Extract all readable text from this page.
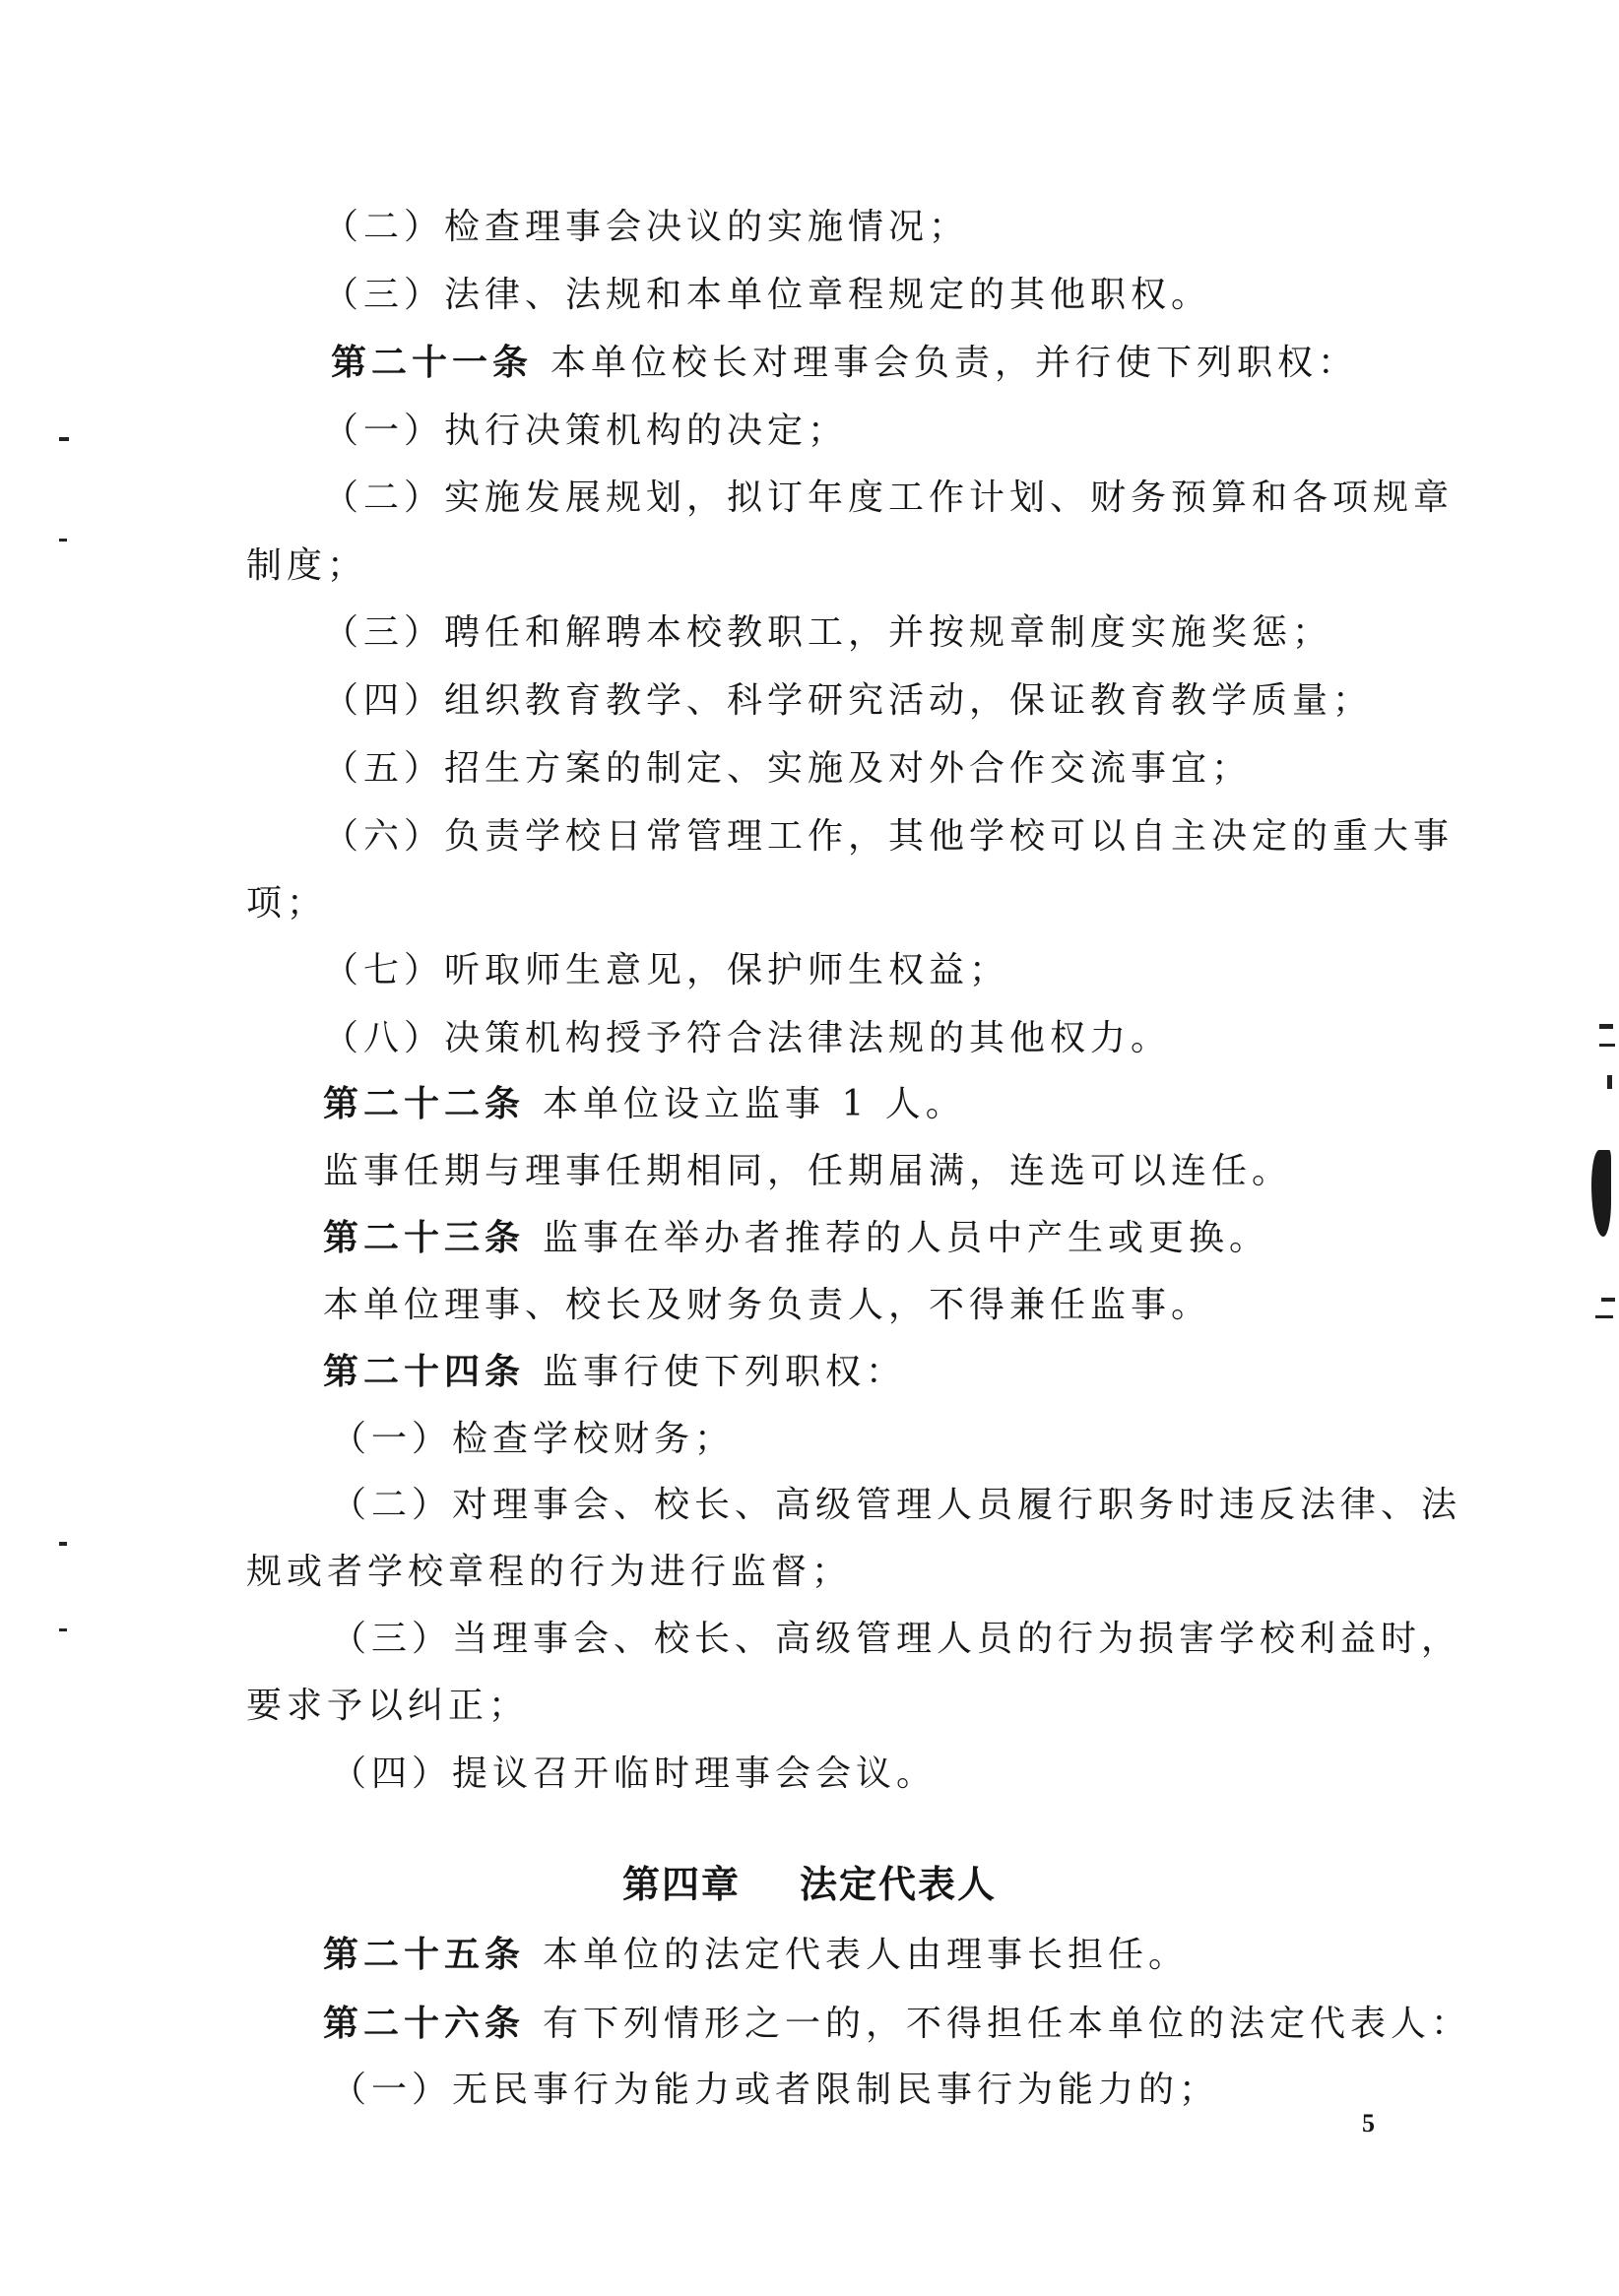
（二）检查理事会决议的实施情况；
（三）法律、法规和本单位章程规定的其他职权。
第二十一条 本单位校长对理事会负责，并行使下列职权：
（一）执行决策机构的决定；
（二）实施发展规划，拟订年度工作计划、财务预算和各项规章
制度；
（三）聘任和解聘本校教职工，并按规章制度实施奖惩；
（四）组织教育教学、科学研究活动，保证教育教学质量；
（五）招生方案的制定、实施及对外合作交流事宜；
（六）负责学校日常管理工作，其他学校可以自主决定的重大事
项；
（七）听取师生意见，保护师生权益；
（八）决策机构授予符合法律法规的其他权力。
第二十二条 本单位设立监事 1 人。
监事任期与理事任期相同，任期届满，连选可以连任。
第二十三条 监事在举办者推荐的人员中产生或更换。
本单位理事、校长及财务负责人，不得兼任监事。
第二十四条 监事行使下列职权：
（一）检查学校财务；
（二）对理事会、校长、高级管理人员履行职务时违反法律、法
规或者学校章程的行为进行监督；
（三）当理事会、校长、高级管理人员的行为损害学校利益时，
要求予以纠正；
（四）提议召开临时理事会会议。
第四章 法定代表人
第二十五条 本单位的法定代表人由理事长担任。
第二十六条 有下列情形之一的，不得担任本单位的法定代表人：
（一）无民事行为能力或者限制民事行为能力的；
5
